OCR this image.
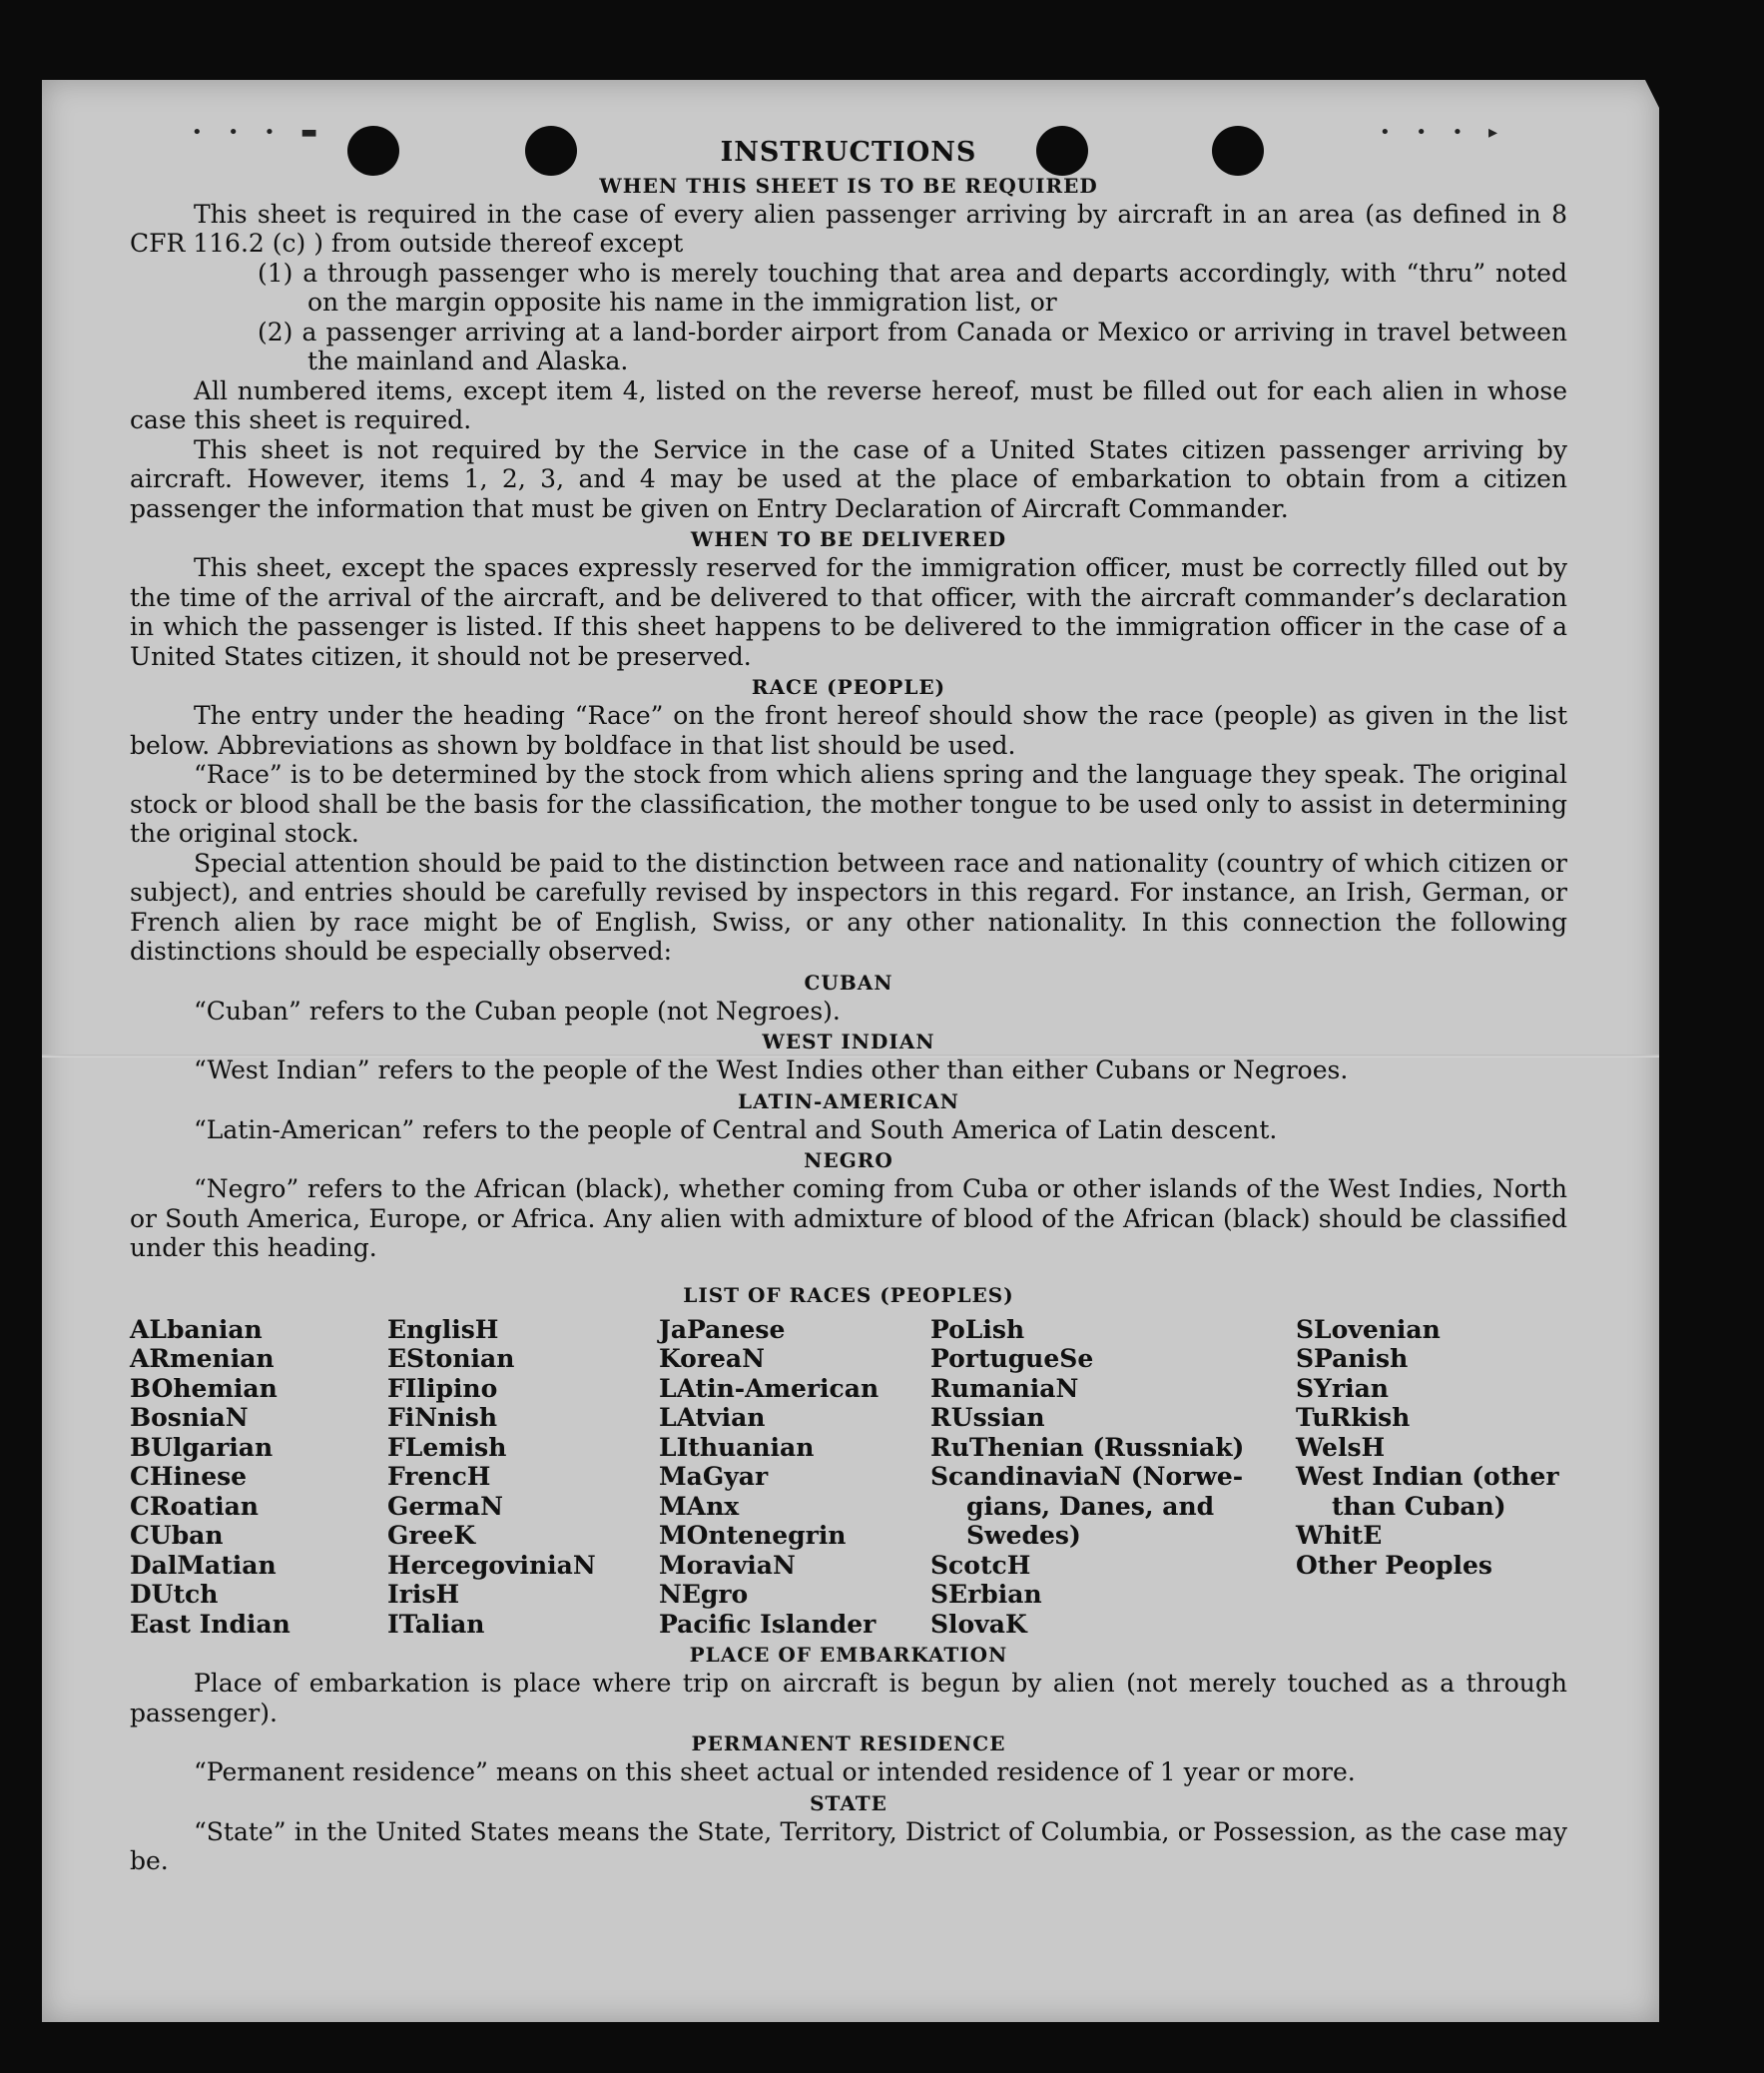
• • • ▬	• • • ▸
INSTRUCTIONS
WHEN THIS SHEET IS TO BE REQUIRED

This sheet is required in the case of every alien passenger arriving by aircraft in an area (as defined in 8 CFR 116.2 (c) ) from outside thereof except

(1) a through passenger who is merely touching that area and departs accordingly, with “thru” noted on the margin opposite his name in the immigration list, or

(2) a passenger arriving at a land-border airport from Canada or Mexico or arriving in travel between the mainland and Alaska.

All numbered items, except item 4, listed on the reverse hereof, must be filled out for each alien in whose case this sheet is required.

This sheet is not required by the Service in the case of a United States citizen passenger arriving by aircraft. However, items 1, 2, 3, and 4 may be used at the place of embarkation to obtain from a citizen passenger the information that must be given on Entry Declaration of Aircraft Commander.

WHEN TO BE DELIVERED

This sheet, except the spaces expressly reserved for the immigration officer, must be correctly filled out by the time of the arrival of the aircraft, and be delivered to that officer, with the aircraft commander’s declaration in which the passenger is listed. If this sheet happens to be delivered to the immigration officer in the case of a United States citizen, it should not be preserved.

RACE (PEOPLE)

The entry under the heading “Race” on the front hereof should show the race (people) as given in the list below. Abbreviations as shown by boldface in that list should be used.

“Race” is to be determined by the stock from which aliens spring and the language they speak. The original stock or blood shall be the basis for the classification, the mother tongue to be used only to assist in determining the original stock.

Special attention should be paid to the distinction between race and nationality (country of which citizen or subject), and entries should be carefully revised by inspectors in this regard. For instance, an Irish, German, or French alien by race might be of English, Swiss, or any other nationality. In this connection the following distinctions should be especially observed:

CUBAN

“Cuban” refers to the Cuban people (not Negroes).

WEST INDIAN

“West Indian” refers to the people of the West Indies other than either Cubans or Negroes.

LATIN-AMERICAN

“Latin-American” refers to the people of Central and South America of Latin descent.

NEGRO

“Negro” refers to the African (black), whether coming from Cuba or other islands of the West Indies, North or South America, Europe, or Africa. Any alien with admixture of blood of the African (black) should be classified under this heading.

LIST OF RACES (PEOPLES)
ALbanian
ARmenian
BOhemian
BosniaN
BUlgarian
CHinese
CRoatian
CUban
DalMatian
DUtch
East Indian
EnglisH
EStonian
FIlipino
FiNnish
FLemish
FrencH
GermaN
GreeK
HercegovinіaN
IrisH
ITalian
JaPanese
KoreaN
LAtin-American
LAtvian
LIthuanian
MaGyar
MAnx
MOntenegrin
MoraviaN
NEgro
Pacific Islander
PoLish
PortugueSe
RumaniaN
RUssian
RuThenian (Russniak)
ScandinaviaN (Norwe-
gians, Danes, and
Swedes)
ScotcH
SErbian
SlovaK
SLovenian
SPanish
SYrian
TuRkish
WelsH
West Indian (other
than Cuban)
WhitE
Other Peoples
PLACE OF EMBARKATION

Place of embarkation is place where trip on aircraft is begun by alien (not merely touched as a through passenger).

PERMANENT RESIDENCE

“Permanent residence” means on this sheet actual or intended residence of 1 year or more.

STATE

“State” in the United States means the State, Territory, District of Columbia, or Possession, as the case may be.
